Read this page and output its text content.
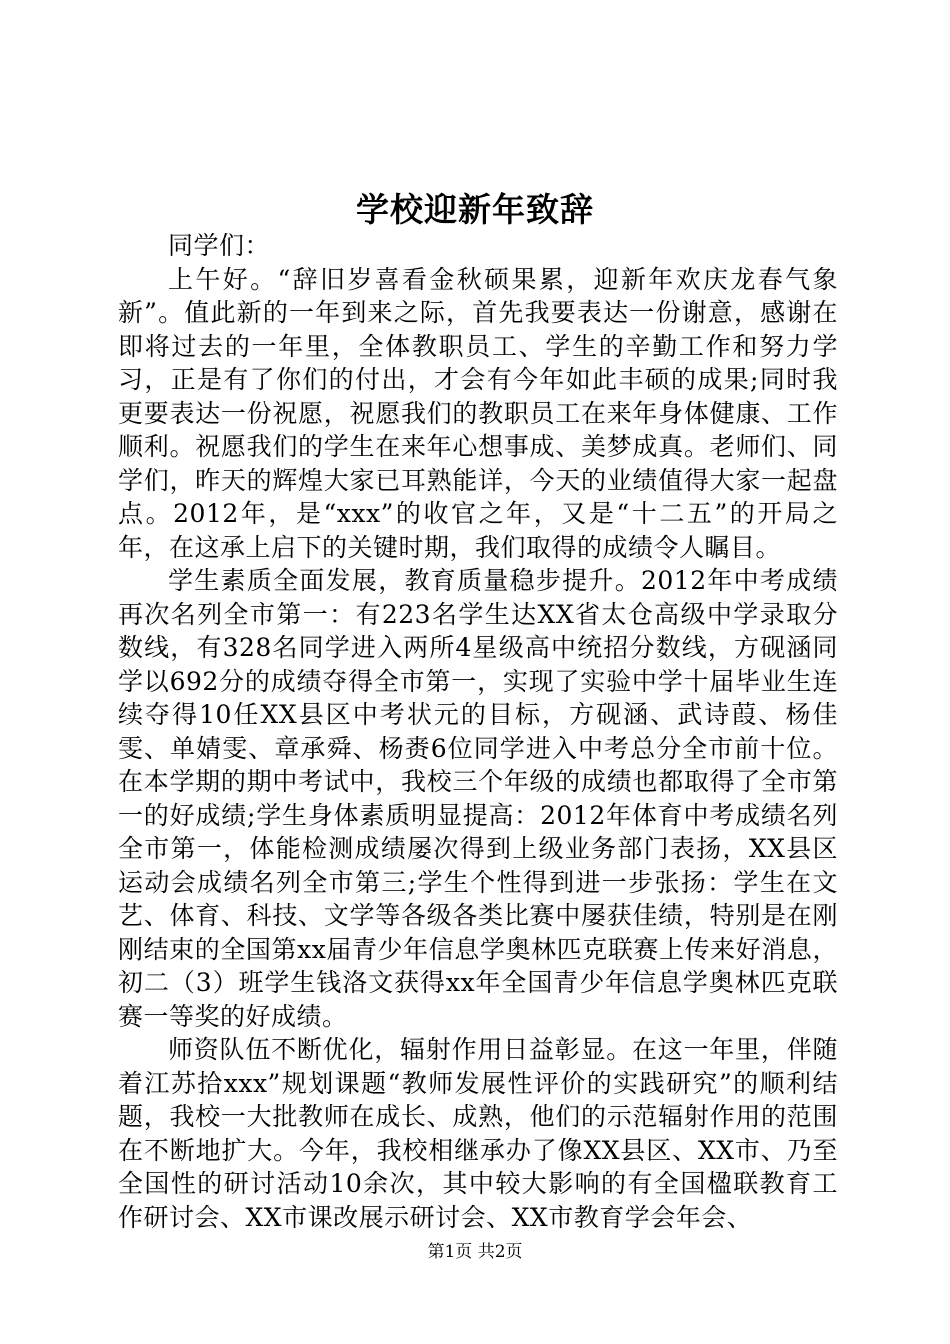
学校迎新年致辞

同学们：

上午好。“辞旧岁喜看金秋硕果累，迎新年欢庆龙春气象新”。值此新的一年到来之际，首先我要表达一份谢意，感谢在即将过去的一年里，全体教职员工、学生的辛勤工作和努力学习，正是有了你们的付出，才会有今年如此丰硕的成果;同时我更要表达一份祝愿，祝愿我们的教职员工在来年身体健康、工作顺利。祝愿我们的学生在来年心想事成、美梦成真。老师们、同学们，昨天的辉煌大家已耳熟能详，今天的业绩值得大家一起盘点。2012年，是“xxx”的收官之年，又是“十二五”的开局之年，在这承上启下的关键时期，我们取得的成绩令人瞩目。

学生素质全面发展，教育质量稳步提升。2012年中考成绩再次名列全市第一：有223名学生达XX省太仓高级中学录取分数线，有328名同学进入两所4星级高中统招分数线，方砚涵同学以692分的成绩夺得全市第一，实现了实验中学十届毕业生连续夺得10任XX县区中考状元的目标，方砚涵、武诗葭、杨佳雯、单婧雯、章承舜、杨赉6位同学进入中考总分全市前十位。在本学期的期中考试中，我校三个年级的成绩也都取得了全市第一的好成绩;学生身体素质明显提高：2012年体育中考成绩名列全市第一，体能检测成绩屡次得到上级业务部门表扬，XX县区运动会成绩名列全市第三;学生个性得到进一步张扬：学生在文艺、体育、科技、文学等各级各类比赛中屡获佳绩，特别是在刚刚结束的全国第xx届青少年信息学奥林匹克联赛上传来好消息，初二（3）班学生钱洛文获得xx年全国青少年信息学奥林匹克联赛一等奖的好成绩。

师资队伍不断优化，辐射作用日益彰显。在这一年里，伴随着江苏拾xxx”规划课题“教师发展性评价的实践研究”的顺利结题，我校一大批教师在成长、成熟，他们的示范辐射作用的范围在不断地扩大。今年，我校相继承办了像XX县区、XX市、乃至全国性的研讨活动10余次，其中较大影响的有全国楹联教育工作研讨会、XX市课改展示研讨会、XX市教育学会年会、

第1页 共2页
